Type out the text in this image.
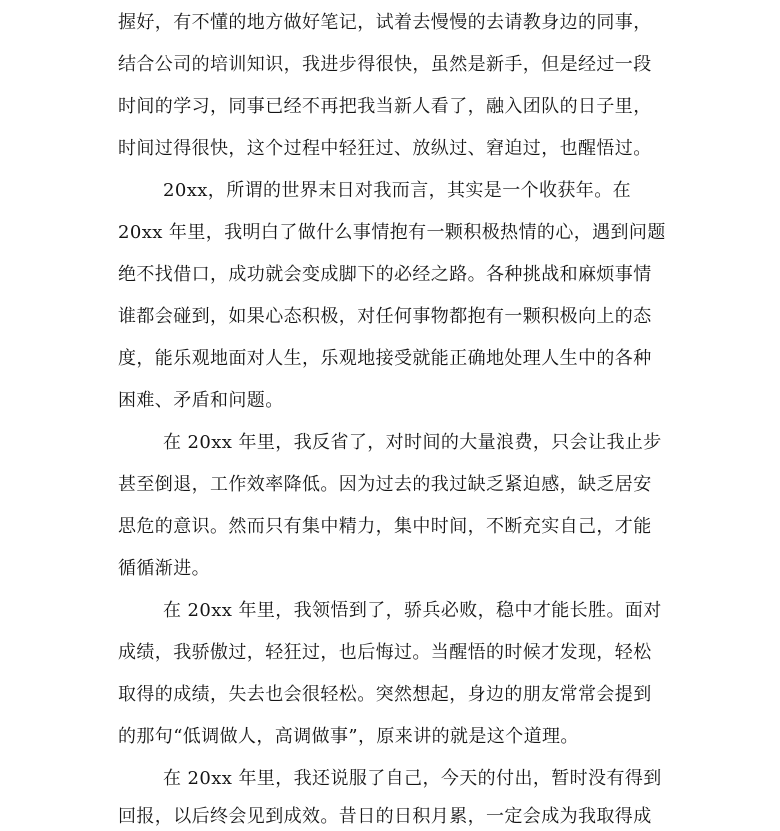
握好，有不懂的地方做好笔记，试着去慢慢的去请教身边的同事，
结合公司的培训知识，我进步得很快，虽然是新手，但是经过一段
时间的学习，同事已经不再把我当新人看了，融入团队的日子里，
时间过得很快，这个过程中轻狂过、放纵过、窘迫过，也醒悟过。
20xx，所谓的世界末日对我而言，其实是一个收获年。在
20xx 年里，我明白了做什么事情抱有一颗积极热情的心，遇到问题
绝不找借口，成功就会变成脚下的必经之路。各种挑战和麻烦事情
谁都会碰到，如果心态积极，对任何事物都抱有一颗积极向上的态
度，能乐观地面对人生，乐观地接受就能正确地处理人生中的各种
困难、矛盾和问题。
在 20xx 年里，我反省了，对时间的大量浪费，只会让我止步
甚至倒退，工作效率降低。因为过去的我过缺乏紧迫感，缺乏居安
思危的意识。然而只有集中精力，集中时间，不断充实自己，才能
循循渐进。
在 20xx 年里，我领悟到了，骄兵必败，稳中才能长胜。面对
成绩，我骄傲过，轻狂过，也后悔过。当醒悟的时候才发现，轻松
取得的成绩，失去也会很轻松。突然想起，身边的朋友常常会提到
的那句“低调做人，高调做事”，原来讲的就是这个道理。
在 20xx 年里，我还说服了自己，今天的付出，暂时没有得到
回报，以后终会见到成效。昔日的日积月累，一定会成为我取得成
